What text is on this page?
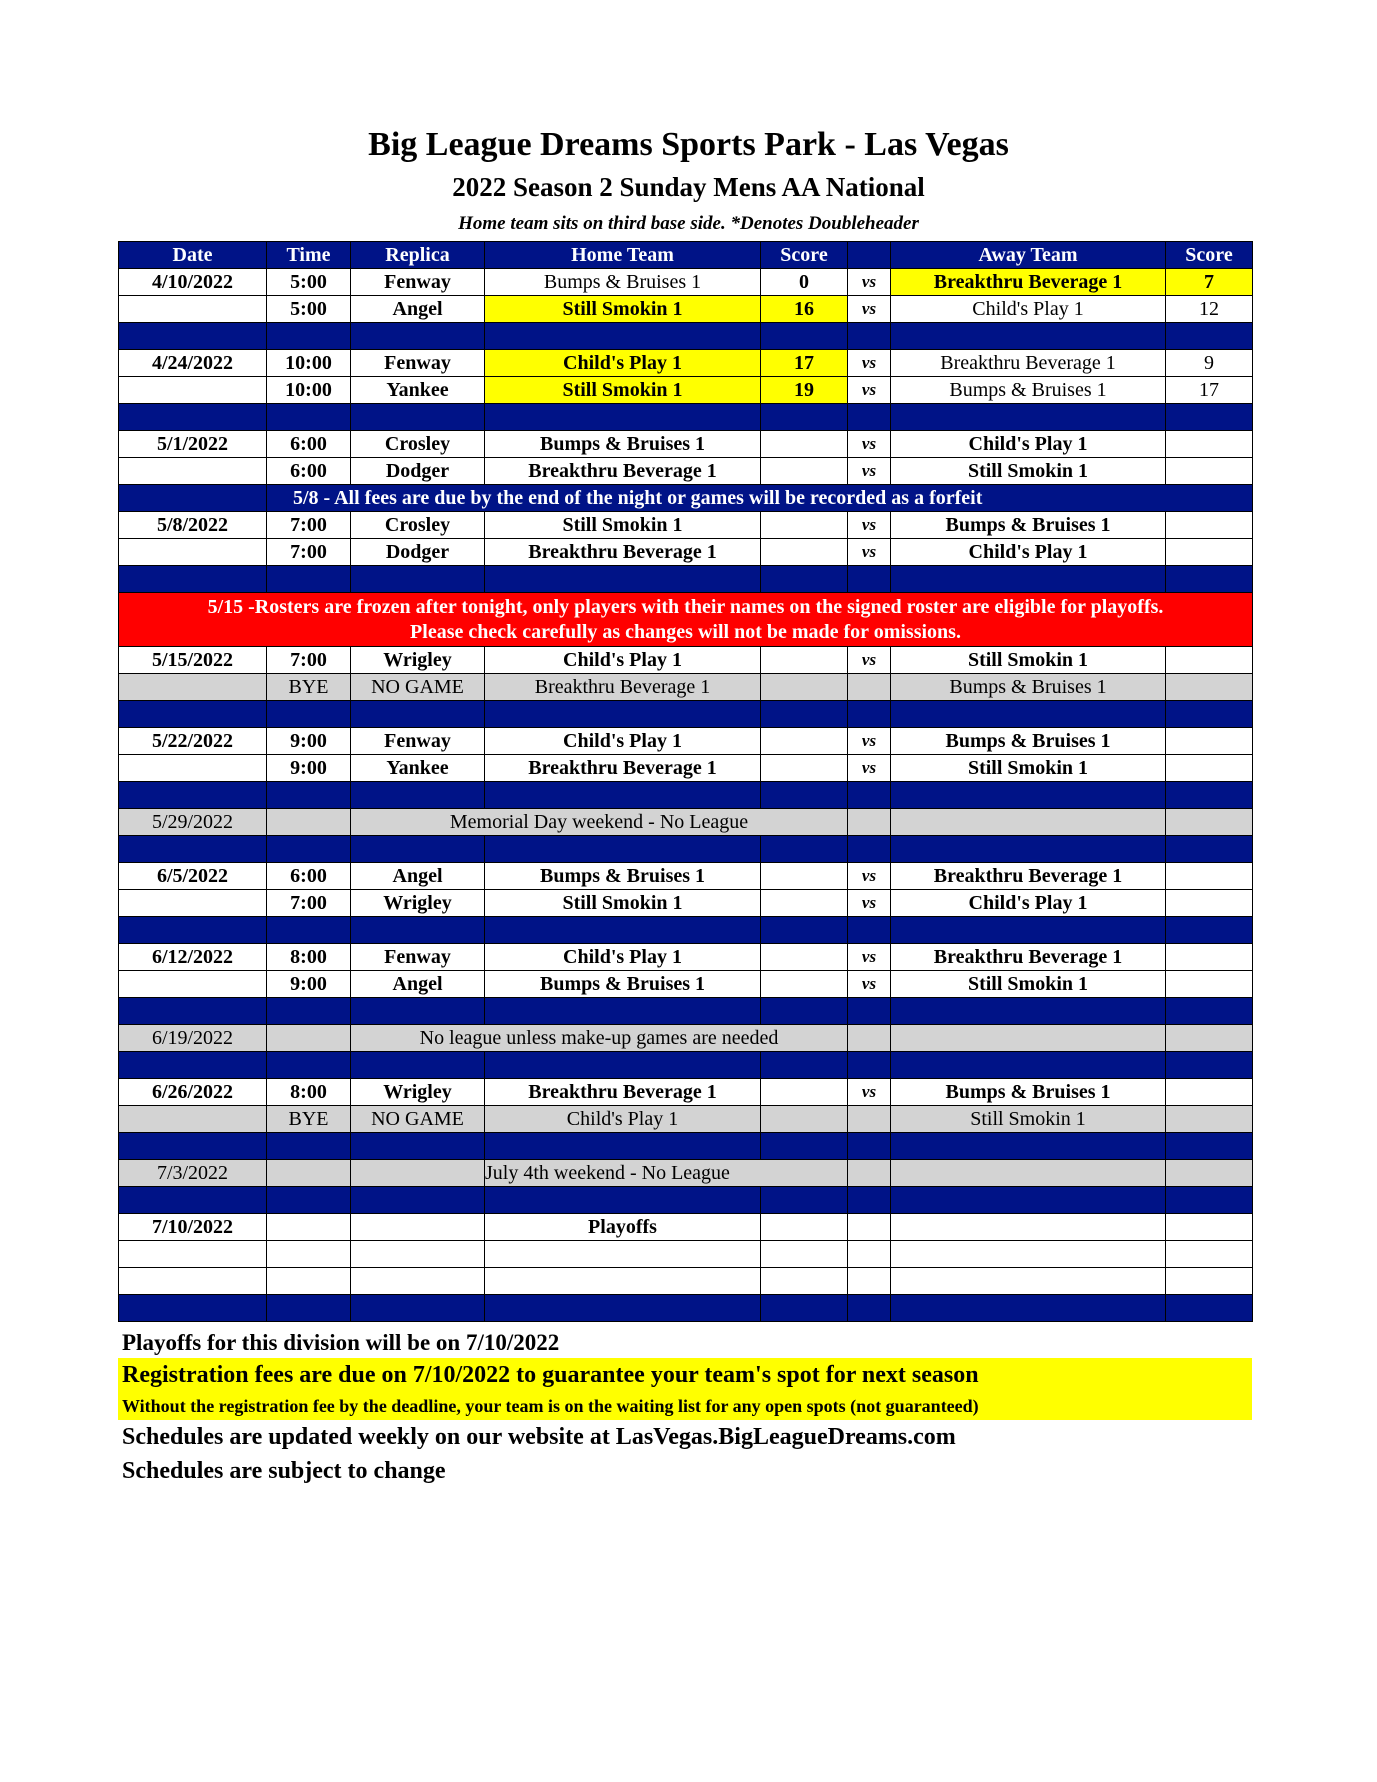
Big League Dreams Sports Park - Las Vegas
2022 Season 2 Sunday Mens AA National
Home team sits on third base side. *Denotes Doubleheader
Date	Time	Replica	Home Team	Score		Away Team	Score
4/10/2022	5:00	Fenway	Bumps & Bruises 1	0	vs	Breakthru Beverage 1	7
	5:00	Angel	Still Smokin 1	16	vs	Child's Play 1	12

4/24/2022	10:00	Fenway	Child's Play 1	17	vs	Breakthru Beverage 1	9
	10:00	Yankee	Still Smokin 1	19	vs	Bumps & Bruises 1	17

5/1/2022	6:00	Crosley	Bumps & Bruises 1		vs	Child's Play 1	
	6:00	Dodger	Breakthru Beverage 1		vs	Still Smokin 1	
	5/8 - All fees are due by the end of the night or games will be recorded as a forfeit						
5/8/2022	7:00	Crosley	Still Smokin 1		vs	Bumps & Bruises 1	
	7:00	Dodger	Breakthru Beverage 1		vs	Child's Play 1	

5/15 -Rosters are frozen after tonight, only players with their names on the signed roster are eligible for playoffs.
Please check carefully as changes will not be made for omissions.							

5/15/2022	7:00	Wrigley	Child's Play 1		vs	Still Smokin 1	
	BYE	NO GAME	Breakthru Beverage 1			Bumps & Bruises 1	

5/22/2022	9:00	Fenway	Child's Play 1		vs	Bumps & Bruises 1	
	9:00	Yankee	Breakthru Beverage 1		vs	Still Smokin 1	

5/29/2022		Memorial Day weekend - No League					

6/5/2022	6:00	Angel	Bumps & Bruises 1		vs	Breakthru Beverage 1	
	7:00	Wrigley	Still Smokin 1		vs	Child's Play 1	

6/12/2022	8:00	Fenway	Child's Play 1		vs	Breakthru Beverage 1	
	9:00	Angel	Bumps & Bruises 1		vs	Still Smokin 1	

6/19/2022		No league unless make-up games are needed					

6/26/2022	8:00	Wrigley	Breakthru Beverage 1		vs	Bumps & Bruises 1	
	BYE	NO GAME	Child's Play 1			Still Smokin 1	

7/3/2022			July 4th weekend - No League				

7/10/2022			Playoffs				

Playoffs for this division will be on 7/10/2022
Registration fees are due on 7/10/2022 to guarantee your team's spot for next season
Without the registration fee by the deadline, your team is on the waiting list for any open spots (not guaranteed)
Schedules are updated weekly on our website at LasVegas.BigLeagueDreams.com
Schedules are subject to change
